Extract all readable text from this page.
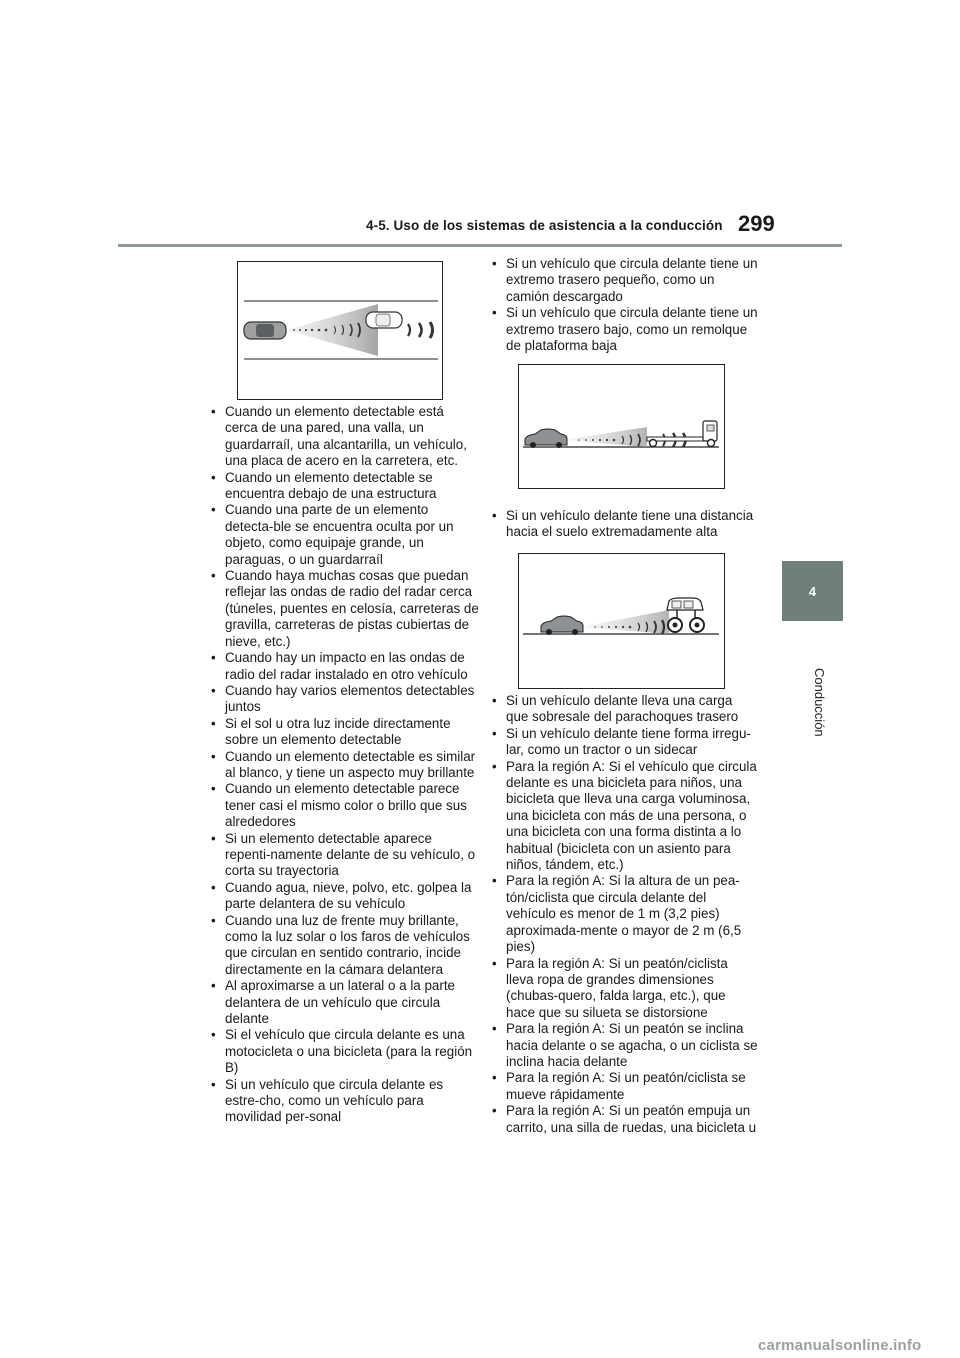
4-5. Uso de los sistemas de asistencia a la conducción 299
4
Conducción
• Cuando un elemento detectable está cerca de una pared, una valla, un guardarraíl, una alcantarilla, un vehículo, una placa de acero en la carretera, etc.
• Cuando un elemento detectable se encuentra debajo de una estructura
• Cuando una parte de un elemento detecta-ble se encuentra oculta por un objeto, como equipaje grande, un paraguas, o un guardarraíl
• Cuando haya muchas cosas que puedan reflejar las ondas de radio del radar cerca (túneles, puentes en celosía, carreteras de gravilla, carreteras de pistas cubiertas de nieve, etc.)
• Cuando hay un impacto en las ondas de radio del radar instalado en otro vehículo
• Cuando hay varios elementos detectables juntos
• Si el sol u otra luz incide directamente sobre un elemento detectable
• Cuando un elemento detectable es similar al blanco, y tiene un aspecto muy brillante
• Cuando un elemento detectable parece tener casi el mismo color o brillo que sus alrededores
• Si un elemento detectable aparece repenti-namente delante de su vehículo, o corta su trayectoria
• Cuando agua, nieve, polvo, etc. golpea la parte delantera de su vehículo
• Cuando una luz de frente muy brillante, como la luz solar o los faros de vehículos que circulan en sentido contrario, incide directamente en la cámara delantera
• Al aproximarse a un lateral o a la parte delantera de un vehículo que circula delante
• Si el vehículo que circula delante es una motocicleta o una bicicleta (para la región B)
• Si un vehículo que circula delante es estre-cho, como un vehículo para movilidad per-sonal
• Si un vehículo que circula delante tiene un extremo trasero pequeño, como un camión descargado
• Si un vehículo que circula delante tiene un extremo trasero bajo, como un remolque de plataforma baja
• Si un vehículo delante tiene una distancia hacia el suelo extremadamente alta
• Si un vehículo delante lleva una carga que sobresale del parachoques trasero
• Si un vehículo delante tiene forma irregu-lar, como un tractor o un sidecar
• Para la región A: Si el vehículo que circula delante es una bicicleta para niños, una bicicleta que lleva una carga voluminosa, una bicicleta con más de una persona, o una bicicleta con una forma distinta a lo habitual (bicicleta con un asiento para niños, tándem, etc.)
• Para la región A: Si la altura de un pea-tón/ciclista que circula delante del vehículo es menor de 1 m (3,2 pies) aproximada-mente o mayor de 2 m (6,5 pies)
• Para la región A: Si un peatón/ciclista lleva ropa de grandes dimensiones (chubas-quero, falda larga, etc.), que hace que su silueta se distorsione
• Para la región A: Si un peatón se inclina hacia delante o se agacha, o un ciclista se inclina hacia delante
• Para la región A: Si un peatón/ciclista se mueve rápidamente
• Para la región A: Si un peatón empuja un carrito, una silla de ruedas, una bicicleta u
carmanualsonline.info
